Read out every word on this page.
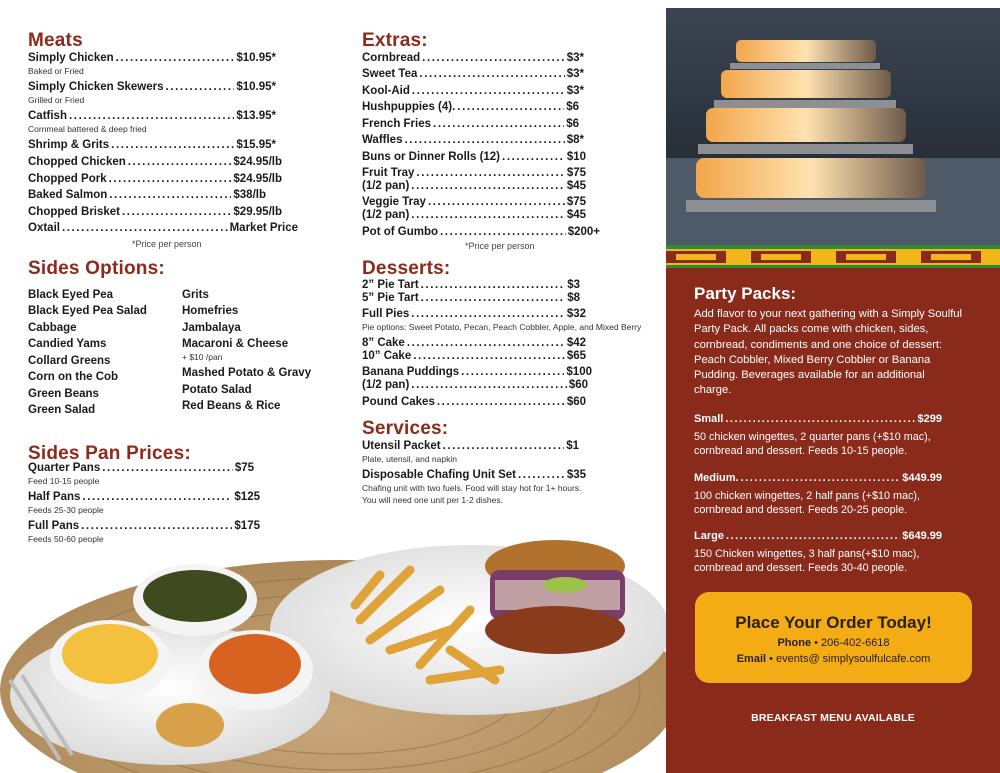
Meats
Simply Chicken .....	$10.95*
Baked or Fried
Simply Chicken Skewers .....	$10.95*
Grilled or Fried
Catfish .....	$13.95*
Cornmeal battered & deep fried
Shrimp & Grits .....	$15.95*
Chopped Chicken .....	$24.95/lb
Chopped Pork .....	$24.95/lb
Baked Salmon .....	$38/lb
Chopped Brisket .....	$29.95/lb
Oxtail .....	Market Price
*Price per person
Sides Options:
Black Eyed Pea
Black Eyed Pea Salad
Cabbage
Candied Yams
Collard Greens
Corn on the Cob
Green Beans
Green Salad
Grits
Homefries
Jambalaya
Macaroni & Cheese
+ $10 /pan
Mashed Potato & Gravy
Potato Salad
Red Beans & Rice
Sides Pan Prices:
Quarter Pans .....	$75
Feed 10-15 people
Half Pans .....	$125
Feeds 25-30 people
Full Pans .....	$175
Feeds 50-60 people
Extras:
Cornbread .....	$3*
Sweet Tea .....	$3*
Kool-Aid .....	$3*
Hushpuppies (4). .....	$6
French Fries .....	$6
Waffles .....	$8*
Buns or Dinner Rolls (12) .....	$10
Fruit Tray .....	$75
(1/2 pan) .....	$45
Veggie Tray .....	$75
(1/2 pan) .....	$45
Pot of Gumbo .....	$200+
*Price per person
Desserts:
2” Pie Tart .....	$3
5” Pie Tart .....	$8
Full Pies .....	$32
Pie options: Sweet Potato, Pecan, Peach Cobbler, Apple, and Mixed Berry
8” Cake .....	$42
10” Cake .....	$65
Banana Puddings .....	$100
(1/2 pan) .....	$60
Pound Cakes .....	$60
Services:
Utensil Packet .....	$1
Plate, utensil, and napkin
Disposable Chafing Unit Set .....	$35
Chafing unit with two fuels. Food will stay hot for 1+ hours.
You will need one unit per 1-2 dishes.
Party Packs:
Add flavor to your next gathering with a Simply Soulful Party Pack. All packs come with chicken, sides, cornbread, condiments and one choice of dessert: Peach Cobbler, Mixed Berry Cobbler or Banana Pudding. Beverages available for an additional charge.
Small .....	$299
50 chicken wingettes, 2 quarter pans (+$10 mac),
cornbread and dessert. Feeds 10-15 people.
Medium. .....	$449.99
100 chicken wingettes, 2 half pans (+$10 mac),
cornbread and dessert. Feeds 20-25 people.
Large .....	$649.99
150 Chicken wingettes, 3 half pans(+$10 mac),
cornbread and dessert. Feeds 30-40 people.
Place Your Order Today!
Phone • 206-402-6618
Email • events@ simplysoulfulcafe.com
BREAKFAST MENU AVAILABLE
